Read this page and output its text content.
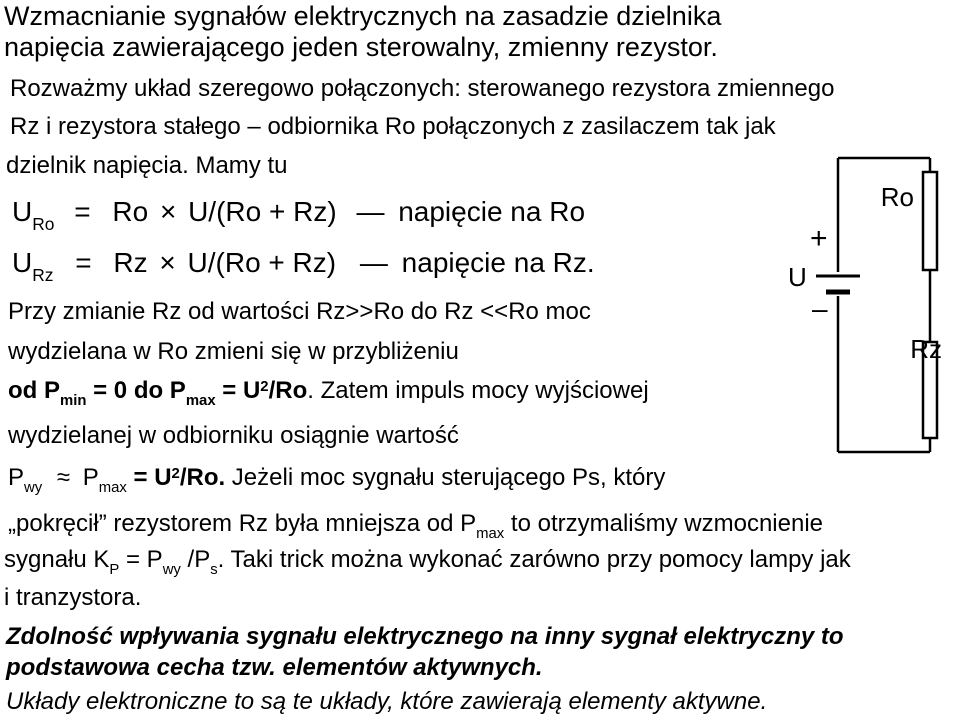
Wzmacnianie sygnałów elektrycznych na zasadzie dzielnika
napięcia zawierającego jeden sterowalny, zmienny rezystor.
Rozważmy układ szeregowo połączonych: sterowanego rezystora zmiennego
Rz i rezystora stałego – odbiornika Ro połączonych z zasilaczem tak jak
dzielnik napięcia. Mamy tu
$U_{Ro} = Ro \times U/(Ro + Rz)$ — napięcie na Ro
$U_{Rz} = Rz \times U/(Ro + Rz)$ — napięcie na Rz.
Przy zmianie Rz od wartości Rz>>Ro do Rz <<Ro moc
wydzielana w Ro zmieni się w przybliżeniu
od $P_{min} = 0$ do $P_{max} = U^2/Ro$. Zatem impuls mocy wyjściowej
wydzielanej w odbiorniku osiągnie wartość
$P_{wy} \approx P_{max} = U^2/Ro$. Jeżeli moc sygnału sterującego Ps, który
„pokręcił” rezystorem Rz była mniejsza od $P_{max}$ to otrzymaliśmy wzmocnienie
sygnału $K_P = P_{wy}$ $/P_s$. Taki trick można wykonać zarówno przy pomocy lampy jak
i tranzystora.
Zdolność wpływania sygnału elektrycznego na inny sygnał elektryczny to
podstawowa cecha tzw. elementów aktywnych.
Układy elektroniczne to są te układy, które zawierają elementy aktywne.
Ro
Rz
U
+
–
